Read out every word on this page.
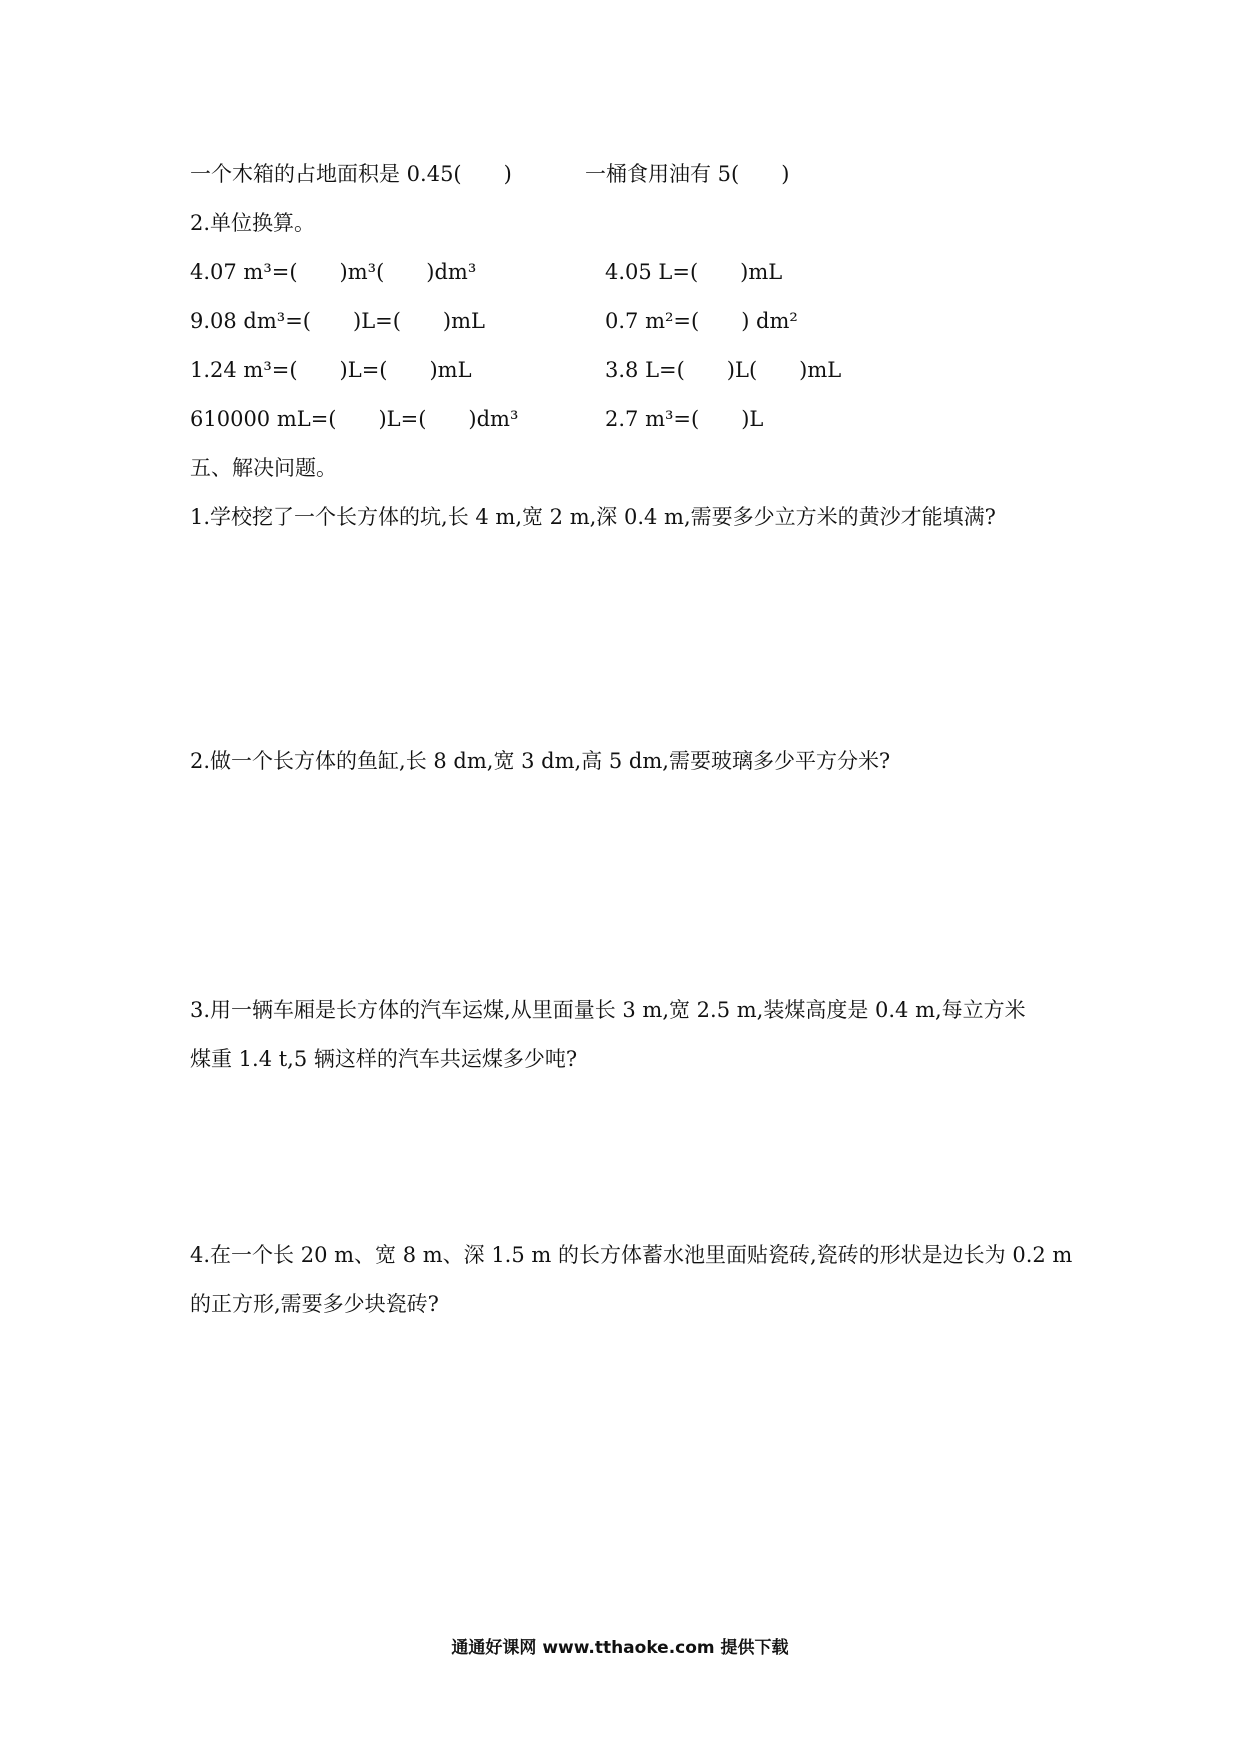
一个木箱的占地面积是 0.45(　　)	一桶食用油有 5(　　)
2.单位换算。
4.07 m³=(　　)m³(　　)dm³	4.05 L=(　　)mL
9.08 dm³=(　　)L=(　　)mL	0.7 m²=(　　) dm²
1.24 m³=(　　)L=(　　)mL	3.8 L=(　　)L(　　)mL
610000 mL=(　　)L=(　　)dm³	2.7 m³=(　　)L
五、解决问题。
1.学校挖了一个长方体的坑,长 4 m,宽 2 m,深 0.4 m,需要多少立方米的黄沙才能填满?
2.做一个长方体的鱼缸,长 8 dm,宽 3 dm,高 5 dm,需要玻璃多少平方分米?
3.用一辆车厢是长方体的汽车运煤,从里面量长 3 m,宽 2.5 m,装煤高度是 0.4 m,每立方米
煤重 1.4 t,5 辆这样的汽车共运煤多少吨?
4.在一个长 20 m、宽 8 m、深 1.5 m 的长方体蓄水池里面贴瓷砖,瓷砖的形状是边长为 0.2 m
的正方形,需要多少块瓷砖?
通通好课网 www.tthaoke.com 提供下载
